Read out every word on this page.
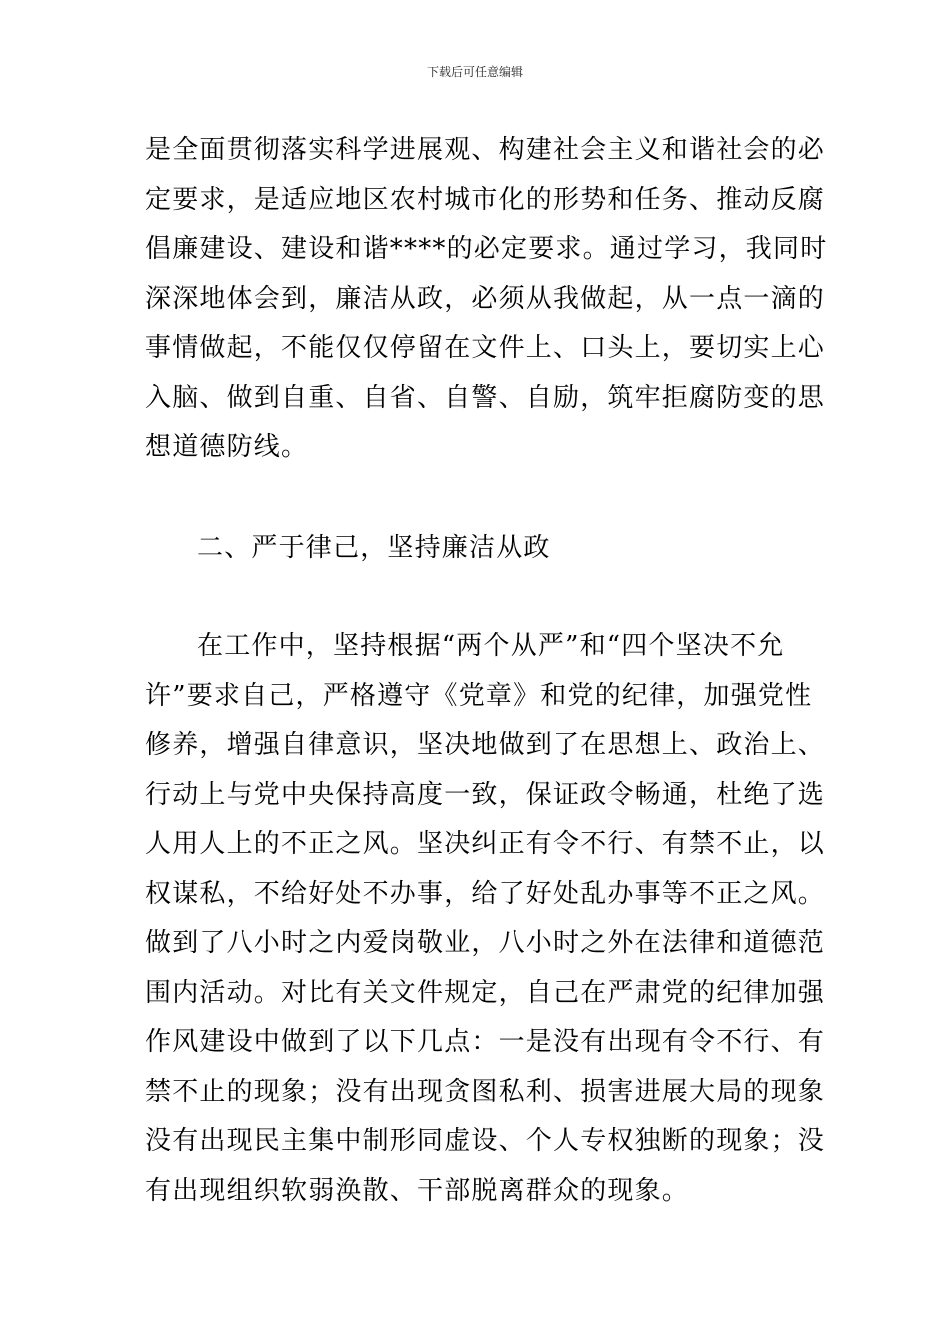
下载后可任意编辑

是全面贯彻落实科学进展观、构建社会主义和谐社会的必
定要求，是适应地区农村城市化的形势和任务、推动反腐
倡廉建设、建设和谐****的必定要求。通过学习，我同时
深深地体会到，廉洁从政，必须从我做起，从一点一滴的
事情做起，不能仅仅停留在文件上、口头上，要切实上心
入脑、做到自重、自省、自警、自励，筑牢拒腐防变的思
想道德防线。

二、严于律己，坚持廉洁从政

在工作中，坚持根据“两个从严”和“四个坚决不允
许”要求自己，严格遵守《党章》和党的纪律，加强党性
修养，增强自律意识，坚决地做到了在思想上、政治上、
行动上与党中央保持高度一致，保证政令畅通，杜绝了选
人用人上的不正之风。坚决纠正有令不行、有禁不止，以
权谋私，不给好处不办事，给了好处乱办事等不正之风。
做到了八小时之内爱岗敬业，八小时之外在法律和道德范
围内活动。对比有关文件规定，自己在严肃党的纪律加强
作风建设中做到了以下几点：一是没有出现有令不行、有
禁不止的现象；没有出现贪图私利、损害进展大局的现象
没有出现民主集中制形同虚设、个人专权独断的现象；没
有出现组织软弱涣散、干部脱离群众的现象。
